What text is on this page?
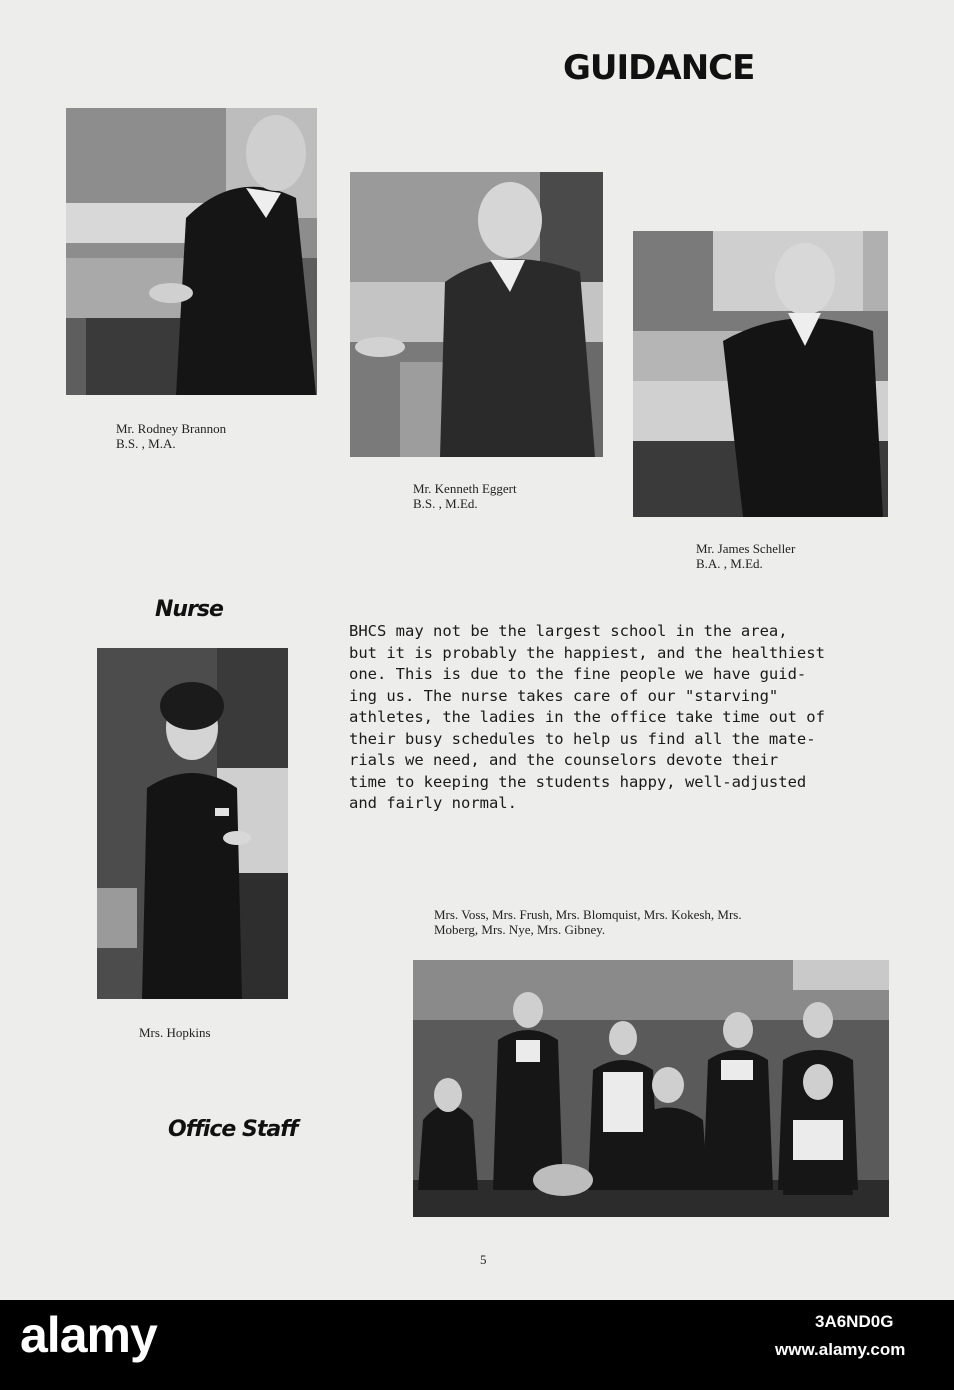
GUIDANCE
Mr. Rodney Brannon
B.S. , M.A.
Mr. Kenneth Eggert
B.S. , M.Ed.
Mr. James Scheller
B.A. , M.Ed.
Nurse
Mrs. Hopkins
BHCS may not be the largest school in the area,
but it is probably the happiest, and the healthiest
one. This is due to the fine people we have guid-
ing us. The nurse takes care of our "starving"
athletes, the ladies in the office take time out of
their busy schedules to help us find all the mate-
rials we need, and the counselors devote their
time to keeping the students happy, well-adjusted
and fairly normal.
Mrs. Voss, Mrs. Frush, Mrs. Blomquist, Mrs. Kokesh, Mrs.
Moberg, Mrs. Nye, Mrs. Gibney.
Office Staff
5
alamy	3A6ND0G
www.alamy.com
